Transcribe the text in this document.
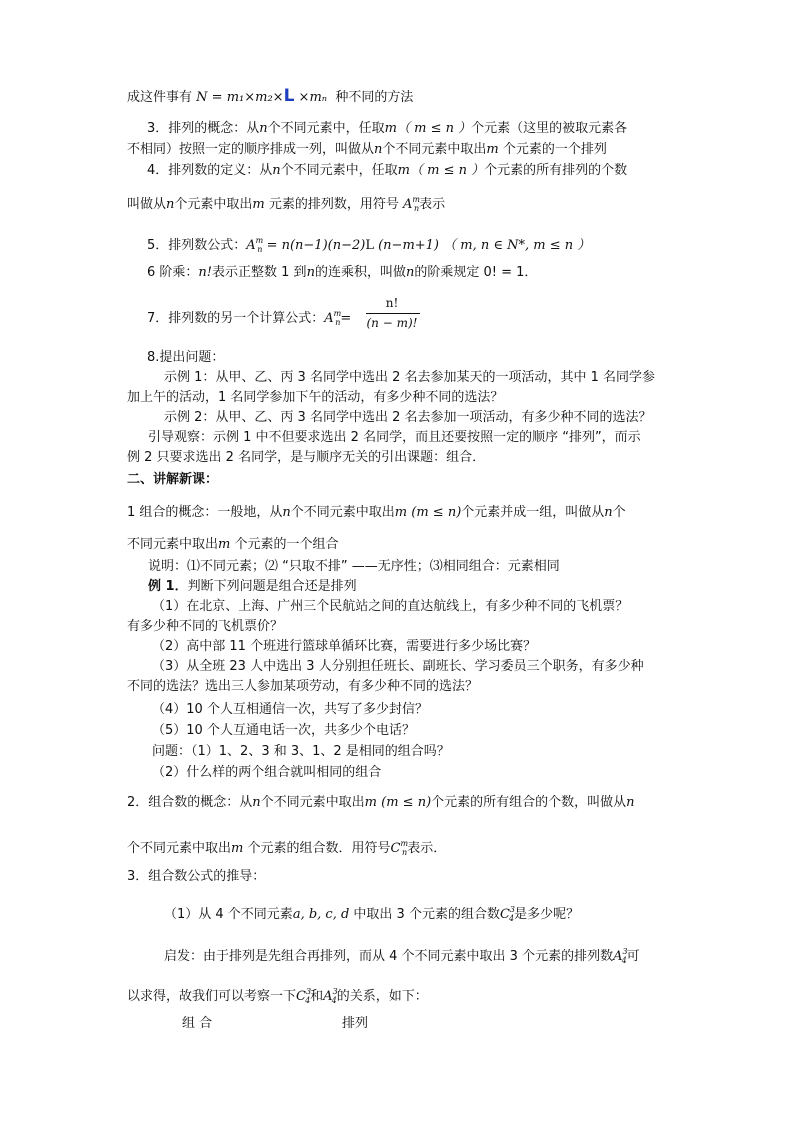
成这件事有 N = m₁×m₂×L ×mₙ 种不同的方法
3．排列的概念：从n个不同元素中，任取m（ m ≤ n ）个元素（这里的被取元素各
不相同）按照一定的顺序排成一列，叫做从n个不同元素中取出m 个元素的一个排列
4．排列数的定义：从n个不同元素中，任取m（ m ≤ n ）个元素的所有排列的个数
叫做从n个元素中取出m 元素的排列数，用符号 $A^m_n$表示
5．排列数公式：$A^m_n = n(n-1)(n-2)L$ (n−m+1) （ m, n ∈ N*, m ≤ n ）
6 阶乘：n!表示正整数 1 到n的连乘积，叫做n的阶乘规定 0! = 1．
7．排列数的另一个计算公式：$A^m_n=$
n!
(n − m)!
8.提出问题：
示例 1：从甲、乙、丙 3 名同学中选出 2 名去参加某天的一项活动，其中 1 名同学参
加上午的活动，1 名同学参加下午的活动，有多少种不同的选法？
示例 2：从甲、乙、丙 3 名同学中选出 2 名去参加一项活动，有多少种不同的选法？
引导观察：示例 1 中不但要求选出 2 名同学，而且还要按照一定的顺序 “排列”，而示
例 2 只要求选出 2 名同学，是与顺序无关的引出课题：组合．
二、讲解新课：
1 组合的概念：一般地，从n个不同元素中取出m (m ≤ n)个元素并成一组，叫做从n个
不同元素中取出m 个元素的一个组合
说明：⑴不同元素；⑵ “只取不排” ——无序性；⑶相同组合：元素相同
例 1．判断下列问题是组合还是排列
（1）在北京、上海、广州三个民航站之间的直达航线上，有多少种不同的飞机票？
有多少种不同的飞机票价？
（2）高中部 11 个班进行篮球单循环比赛，需要进行多少场比赛？
（3）从全班 23 人中选出 3 人分别担任班长、副班长、学习委员三个职务，有多少种
不同的选法？选出三人参加某项劳动，有多少种不同的选法？
（4）10 个人互相通信一次，共写了多少封信？
（5）10 个人互通电话一次，共多少个电话？
问题：（1）1、2、3 和 3、1、2 是相同的组合吗？
（2）什么样的两个组合就叫相同的组合
2．组合数的概念：从n个不同元素中取出m (m ≤ n)个元素的所有组合的个数，叫做从n
个不同元素中取出m 个元素的组合数．用符号$C^m_n$表示．
3．组合数公式的推导：
（1）从 4 个不同元素a, b, c, d 中取出 3 个元素的组合数$C^3_4$是多少呢？
启发：由于排列是先组合再排列，而从 4 个不同元素中取出 3 个元素的排列数$A^3_4$可
以求得，故我们可以考察一下$C^3_4$和$A^3_4$的关系，如下：
组 合	排列
